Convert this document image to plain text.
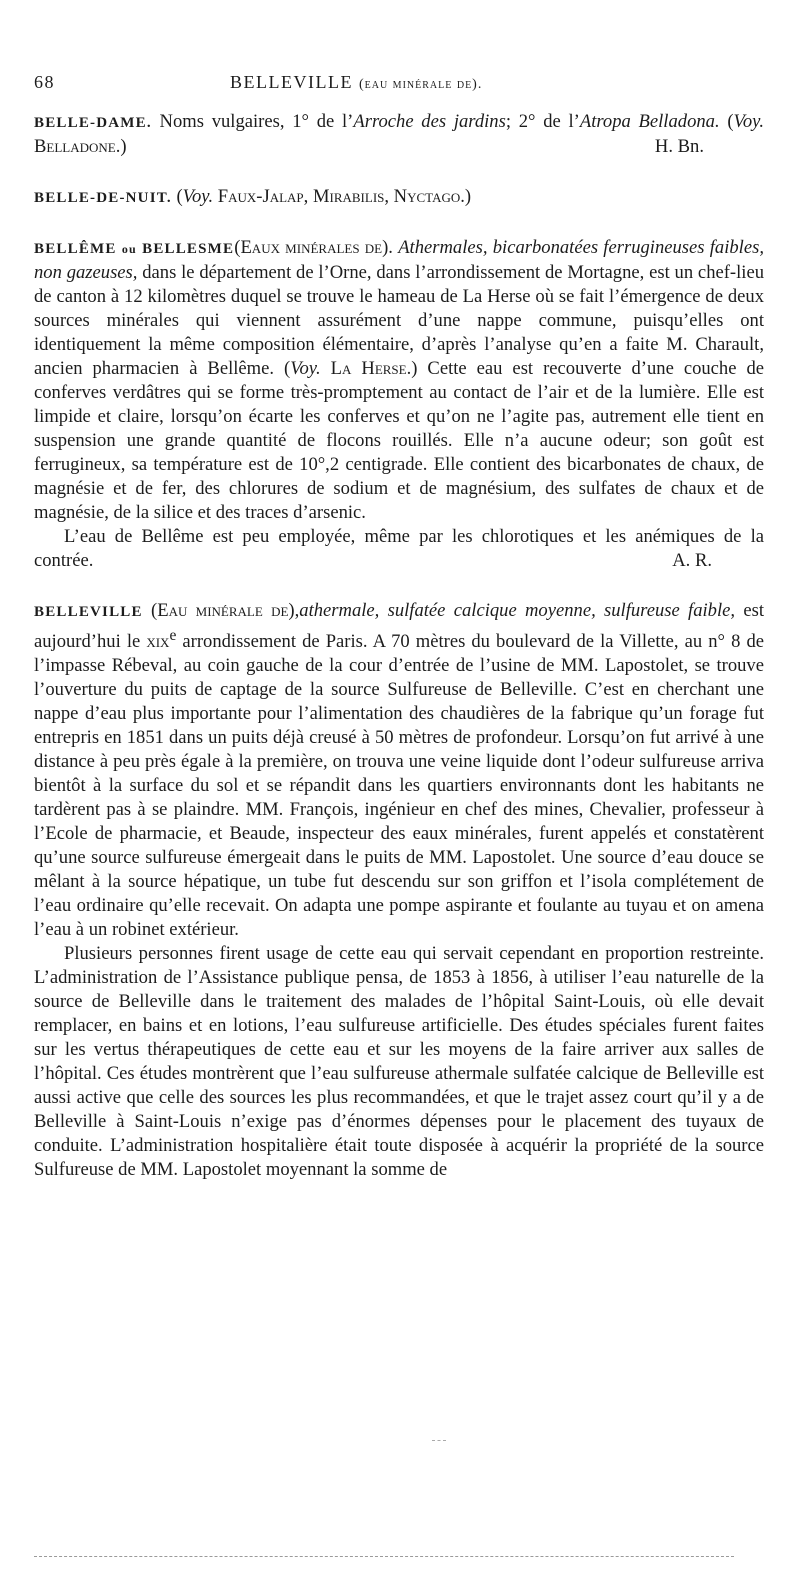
68	BELLEVILLE (eau minérale de).

BELLE-DAME. Noms vulgaires, 1° de l’Arroche des jardins; 2° de l’Atropa Belladona. (Voy. Belladone.)	H. Bn.

BELLE-DE-NUIT. (Voy. Faux-Jalap, Mirabilis, Nyctago.)

BELLÊME ou BELLESME(Eaux minérales de). Athermales, bicarbonatées ferrugineuses faibles, non gazeuses, dans le département de l’Orne, dans l’arrondissement de Mortagne, est un chef-lieu de canton à 12 kilomètres duquel se trouve le hameau de La Herse où se fait l’émergence de deux sources minérales qui viennent assurément d’une nappe commune, puisqu’elles ont identiquement la même composition élémentaire, d’après l’analyse qu’en a faite M. Charault, ancien pharmacien à Bellême. (Voy. La Herse.) Cette eau est recouverte d’une couche de conferves verdâtres qui se forme très-promptement au contact de l’air et de la lumière. Elle est limpide et claire, lorsqu’on écarte les conferves et qu’on ne l’agite pas, autrement elle tient en suspension une grande quantité de flocons rouillés. Elle n’a aucune odeur; son goût est ferrugineux, sa température est de 10°,2 centigrade. Elle contient des bicarbonates de chaux, de magnésie et de fer, des chlorures de sodium et de magnésium, des sulfates de chaux et de magnésie, de la silice et des traces d’arsenic.

L’eau de Bellême est peu employée, même par les chlorotiques et les anémiques de la contrée.	A. R.

BELLEVILLE (Eau minérale de),athermale, sulfatée calcique moyenne, sulfureuse faible, est aujourd’hui le xix$^e$ arrondissement de Paris. A 70 mètres du boulevard de la Villette, au n° 8 de l’impasse Rébeval, au coin gauche de la cour d’entrée de l’usine de MM. Lapostolet, se trouve l’ouverture du puits de captage de la source Sulfureuse de Belleville. C’est en cherchant une nappe d’eau plus importante pour l’alimentation des chaudières de la fabrique qu’un forage fut entrepris en 1851 dans un puits déjà creusé à 50 mètres de profondeur. Lorsqu’on fut arrivé à une distance à peu près égale à la première, on trouva une veine liquide dont l’odeur sulfureuse arriva bientôt à la surface du sol et se répandit dans les quartiers environnants dont les habitants ne tardèrent pas à se plaindre. MM. François, ingénieur en chef des mines, Chevalier, professeur à l’Ecole de pharmacie, et Beaude, inspecteur des eaux minérales, furent appelés et constatèrent qu’une source sulfureuse émergeait dans le puits de MM. Lapostolet. Une source d’eau douce se mêlant à la source hépatique, un tube fut descendu sur son griffon et l’isola complétement de l’eau ordinaire qu’elle recevait. On adapta une pompe aspirante et foulante au tuyau et on amena l’eau à un robinet extérieur.

Plusieurs personnes firent usage de cette eau qui servait cependant en proportion restreinte. L’administration de l’Assistance publique pensa, de 1853 à 1856, à utiliser l’eau naturelle de la source de Belleville dans le traitement des malades de l’hôpital Saint-Louis, où elle devait remplacer, en bains et en lotions, l’eau sulfureuse artificielle. Des études spéciales furent faites sur les vertus thérapeutiques de cette eau et sur les moyens de la faire arriver aux salles de l’hôpital. Ces études montrèrent que l’eau sulfureuse athermale sulfatée calcique de Belleville est aussi active que celle des sources les plus recommandées, et que le trajet assez court qu’il y a de Belleville à Saint-Louis n’exige pas d’énormes dépenses pour le placement des tuyaux de conduite. L’administration hospitalière était toute disposée à acquérir la propriété de la source Sulfureuse de MM. Lapostolet moyennant la somme de
